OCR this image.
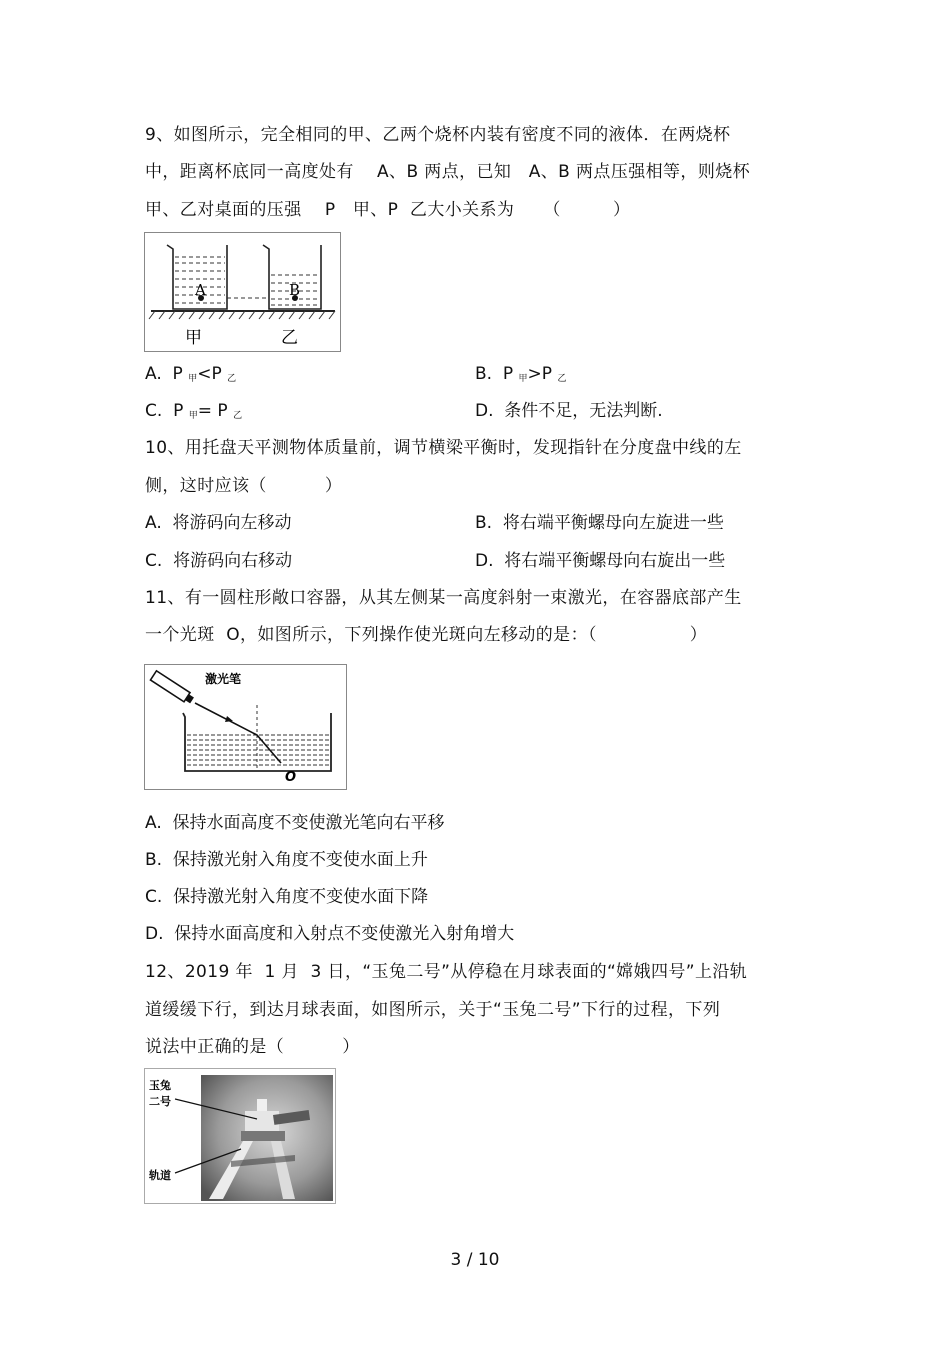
9、如图所示，完全相同的甲、乙两个烧杯内装有密度不同的液体．在两烧杯
中，距离杯底同一高度处有    A、B 两点，已知   A、B 两点压强相等，则烧杯
甲、乙对桌面的压强    P   甲、P  乙大小关系为     （         ）
A	B
甲	乙
A.  P $_甲$<P $_乙$	B.  P $_甲$>P $_乙$
C.  P $_甲$= P $_乙$	D.  条件不足，无法判断.
10、用托盘天平测物体质量前，调节横梁平衡时，发现指针在分度盘中线的左
侧，这时应该（          ）
A.  将游码向左移动	B.  将右端平衡螺母向左旋进一些
C.  将游码向右移动	D.  将右端平衡螺母向右旋出一些
11、有一圆柱形敞口容器，从其左侧某一高度斜射一束激光，在容器底部产生
一个光斑  O，如图所示，下列操作使光斑向左移动的是：（                ）
激光笔
O
A.  保持水面高度不变使激光笔向右平移
B.  保持激光射入角度不变使水面上升
C.  保持激光射入角度不变使水面下降
D.  保持水面高度和入射点不变使激光入射角增大
12、2019 年  1 月  3 日，“玉兔二号”从停稳在月球表面的“嫦娥四号”上沿轨
道缓缓下行，到达月球表面，如图所示，关于“玉兔二号”下行的过程，下列
说法中正确的是（          ）
玉兔
二号
轨道
3 / 10
